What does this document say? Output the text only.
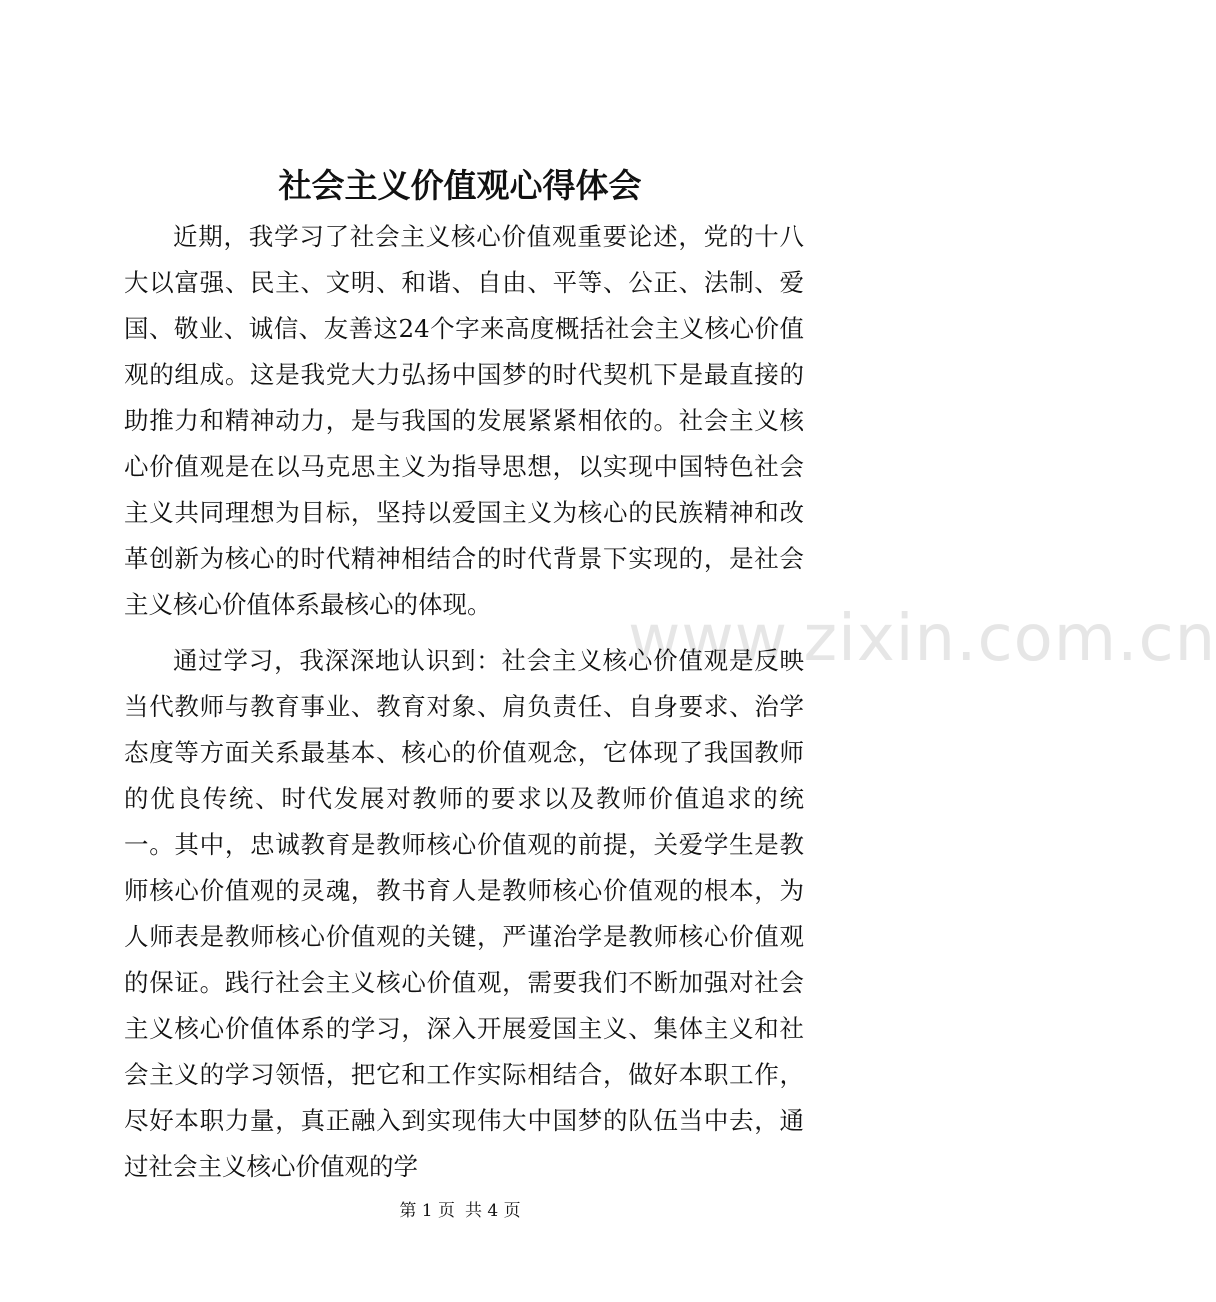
www.zixin.com.cn
社会主义价值观心得体会

近期，我学习了社会主义核心价值观重要论述，党的十八大以富强、民主、文明、和谐、自由、平等、公正、法制、爱国、敬业、诚信、友善这24个字来高度概括社会主义核心价值观的组成。这是我党大力弘扬中国梦的时代契机下是最直接的助推力和精神动力，是与我国的发展紧紧相依的。社会主义核心价值观是在以马克思主义为指导思想，以实现中国特色社会主义共同理想为目标，坚持以爱国主义为核心的民族精神和改革创新为核心的时代精神相结合的时代背景下实现的，是社会主义核心价值体系最核心的体现。

通过学习，我深深地认识到：社会主义核心价值观是反映当代教师与教育事业、教育对象、肩负责任、自身要求、治学态度等方面关系最基本、核心的价值观念，它体现了我国教师的优良传统、时代发展对教师的要求以及教师价值追求的统一。其中，忠诚教育是教师核心价值观的前提，关爱学生是教师核心价值观的灵魂，教书育人是教师核心价值观的根本，为人师表是教师核心价值观的关键，严谨治学是教师核心价值观的保证。践行社会主义核心价值观，需要我们不断加强对社会主义核心价值体系的学习，深入开展爱国主义、集体主义和社会主义的学习领悟，把它和工作实际相结合，做好本职工作，尽好本职力量，真正融入到实现伟大中国梦的队伍当中去，通过社会主义核心价值观的学

第 1 页 共 4 页
